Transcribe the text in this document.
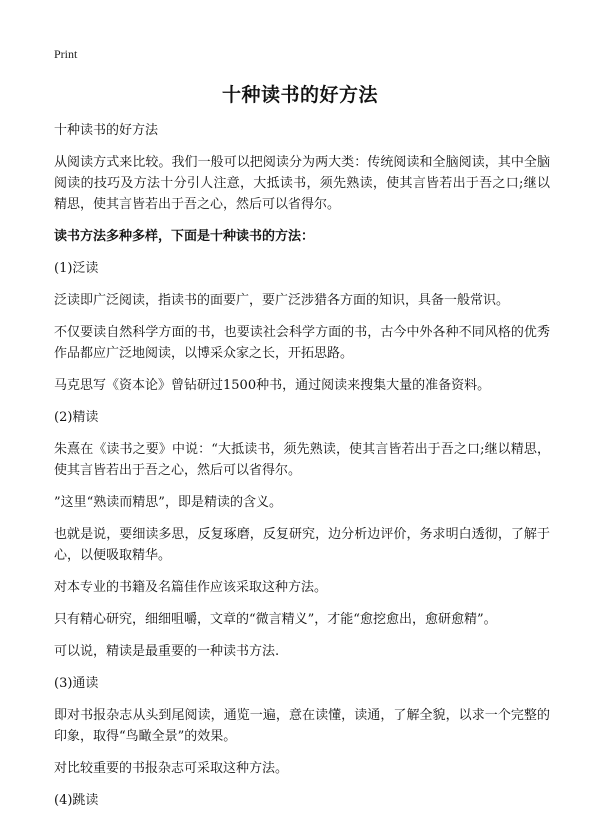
Print
十种读书的好方法

十种读书的好方法

从阅读方式来比较。我们一般可以把阅读分为两大类：传统阅读和全脑阅读，其中全脑阅读的技巧及方法十分引人注意，大抵读书，须先熟读，使其言皆若出于吾之口;继以精思，使其言皆若出于吾之心，然后可以省得尔。

读书方法多种多样，下面是十种读书的方法：

(1)泛读

泛读即广泛阅读，指读书的面要广，要广泛涉猎各方面的知识，具备一般常识。

不仅要读自然科学方面的书，也要读社会科学方面的书，古今中外各种不同风格的优秀作品都应广泛地阅读，以博采众家之长，开拓思路。

马克思写《资本论》曾钻研过1500种书，通过阅读来搜集大量的准备资料。

(2)精读

朱熹在《读书之要》中说：“大抵读书，须先熟读，使其言皆若出于吾之口;继以精思，使其言皆若出于吾之心，然后可以省得尔。

”这里“熟读而精思”，即是精读的含义。

也就是说，要细读多思，反复琢磨，反复研究，边分析边评价，务求明白透彻，了解于心，以便吸取精华。

对本专业的书籍及名篇佳作应该采取这种方法。

只有精心研究，细细咀嚼，文章的“微言精义”，才能“愈挖愈出，愈研愈精”。

可以说，精读是最重要的一种读书方法.

(3)通读

即对书报杂志从头到尾阅读，通览一遍，意在读懂，读通，了解全貌，以求一个完整的印象，取得“鸟瞰全景”的效果。

对比较重要的书报杂志可采取这种方法。

(4)跳读
